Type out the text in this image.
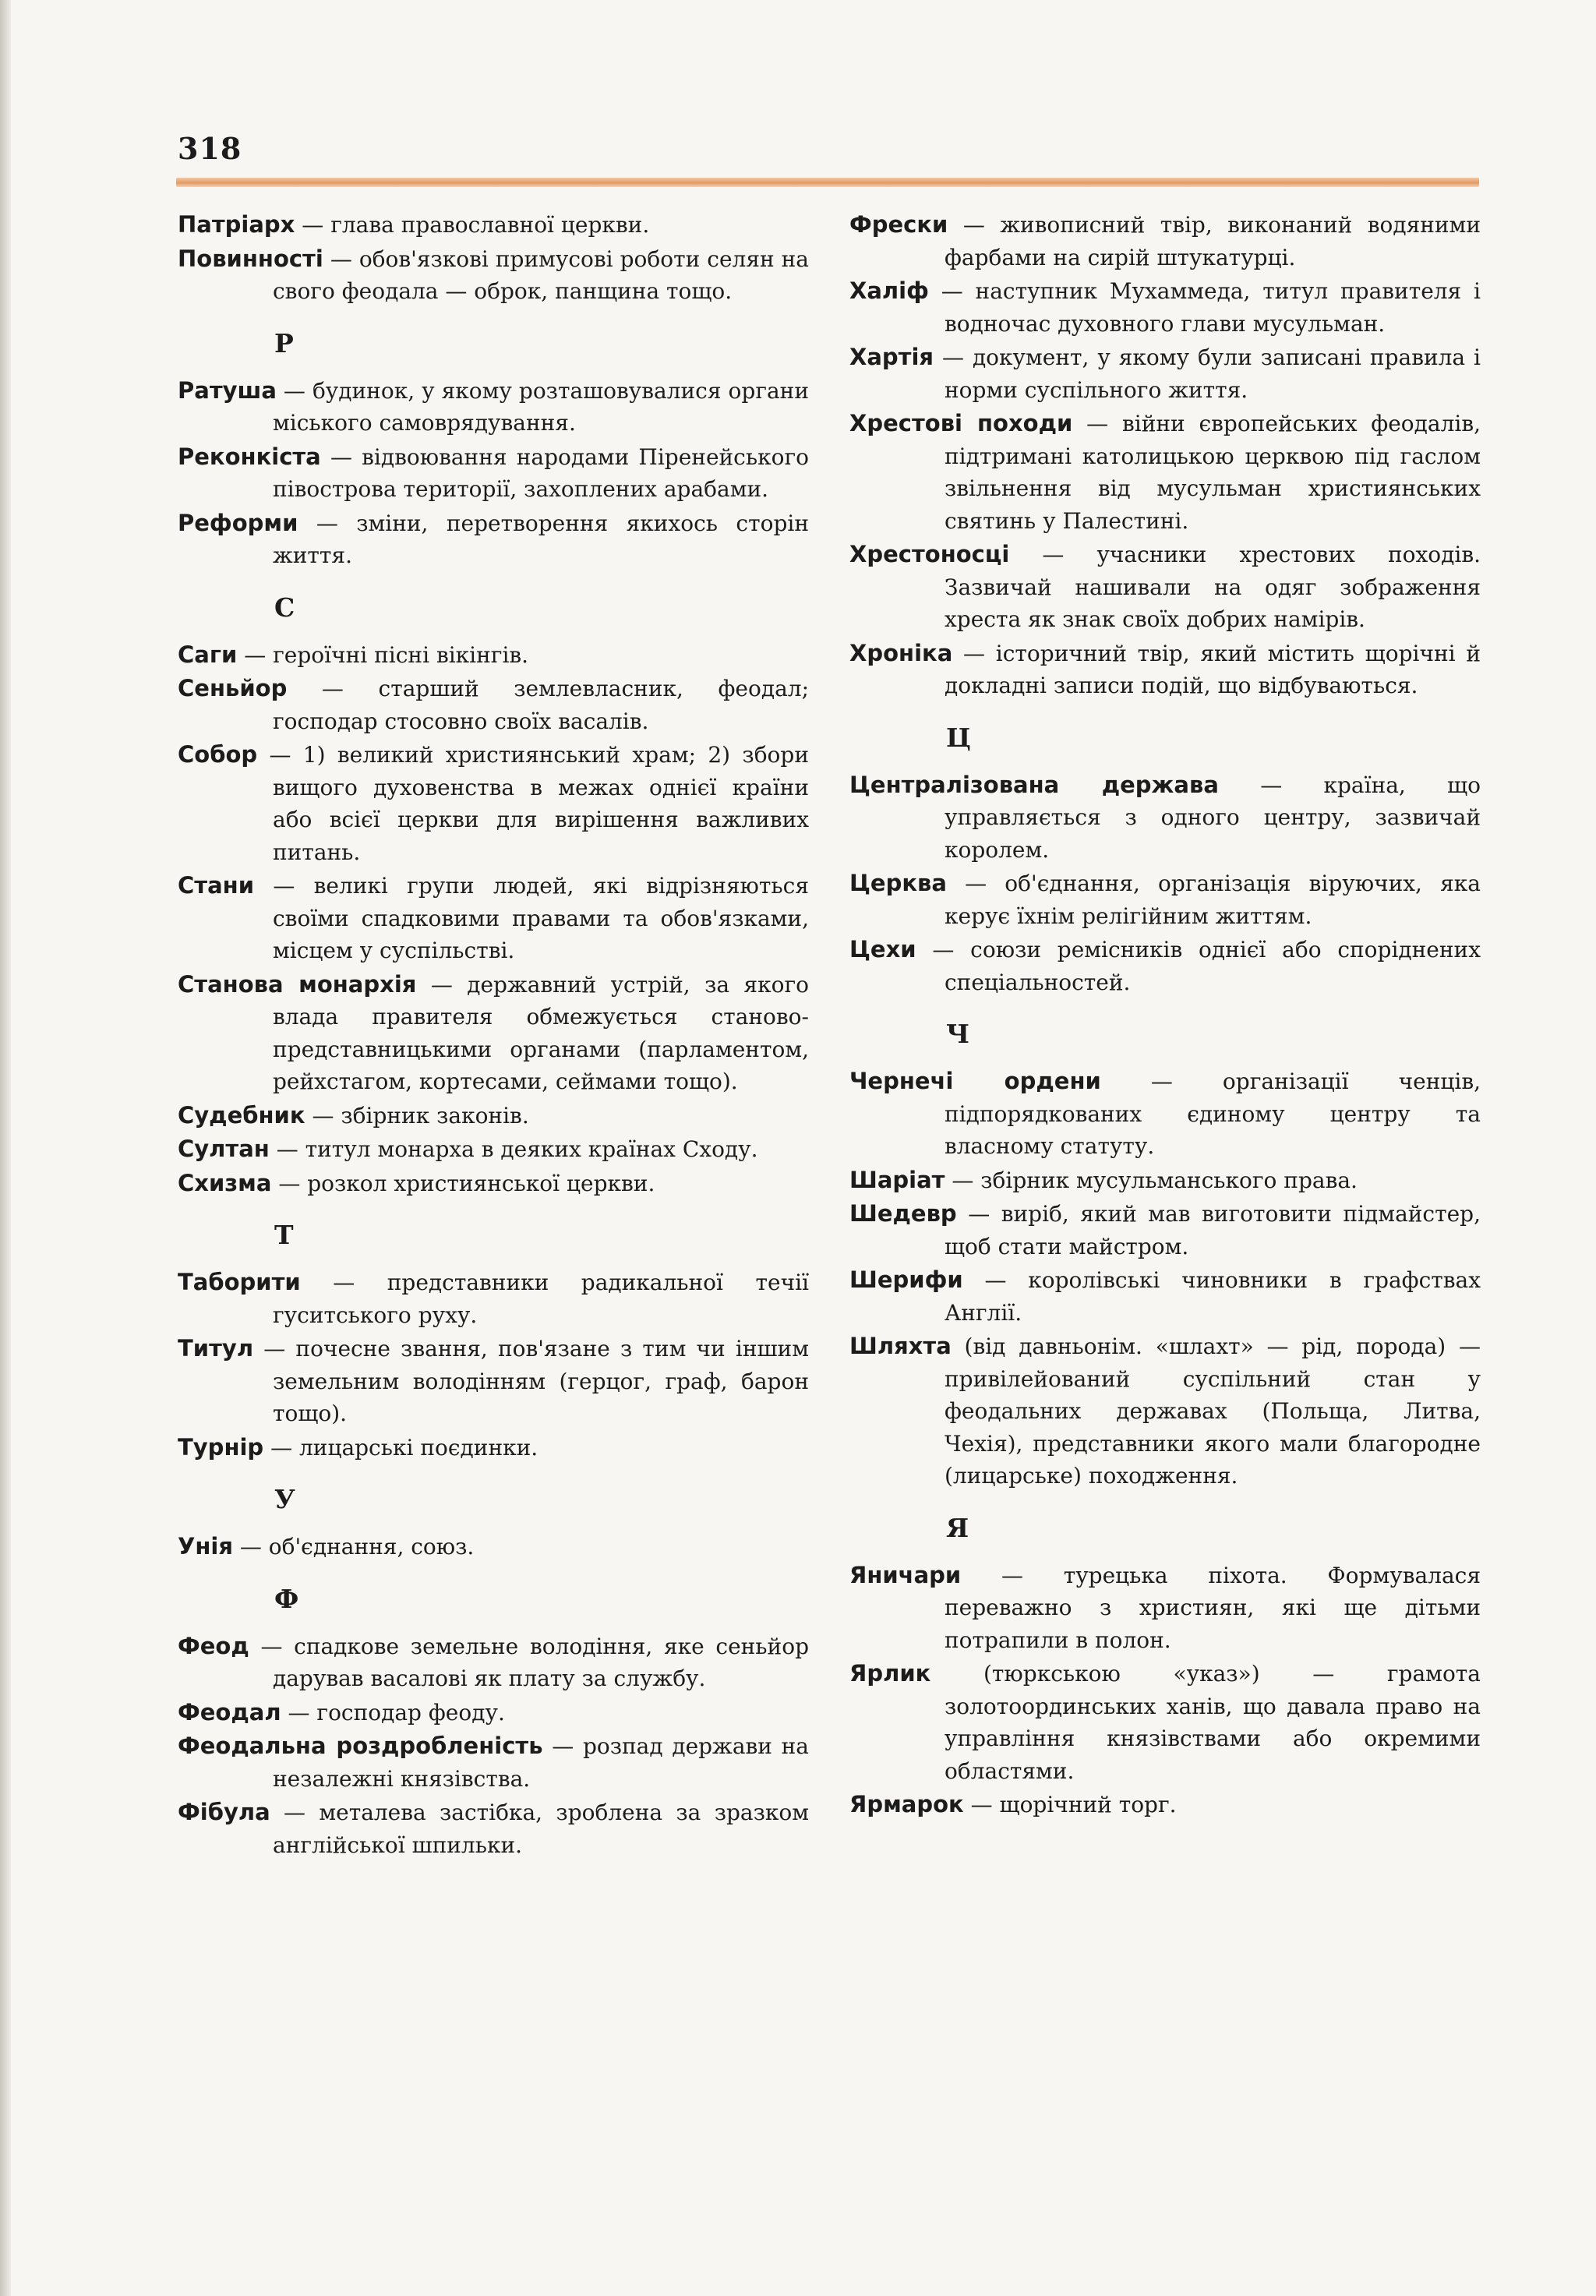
318

Патріарх — глава православної церкви.

Повинності — обов'язкові примусові роботи селян на свого феодала — оброк, панщина тощо.

Р

Ратуша — будинок, у якому розташовувалися органи міського самоврядування.

Реконкіста — відвоювання народами Піренейського півострова території, захоплених арабами.

Реформи — зміни, перетворення якихось сторін життя.

С

Саги — героїчні пісні вікінгів.

Сеньйор — старший землевласник, феодал; господар стосовно своїх васалів.

Собор — 1) великий християнський храм; 2) збори вищого духовенства в межах однієї країни або всієї церкви для вирішення важливих питань.

Стани — великі групи людей, які відрізняються своїми спадковими правами та обов'язками, місцем у суспільстві.

Станова монархія — державний устрій, за якого влада правителя обмежується станово-представницькими органами (парламентом, рейхстагом, кортесами, сеймами тощо).

Судебник — збірник законів.

Султан — титул монарха в деяких країнах Сходу.

Схизма — розкол християнської церкви.

Т

Таборити — представники радикальної течії гуситського руху.

Титул — почесне звання, пов'язане з тим чи іншим земельним володінням (герцог, граф, барон тощо).

Турнір — лицарські поєдинки.

У

Унія — об'єднання, союз.

Ф

Феод — спадкове земельне володіння, яке сеньйор дарував васалові як плату за службу.

Феодал — господар феоду.

Феодальна роздробленість — розпад держави на незалежні князівства.

Фібула — металева застібка, зроблена за зразком англійської шпильки.

Фрески — живописний твір, виконаний водяними фарбами на сирій штукатурці.

Халіф — наступник Мухаммеда, титул правителя і водночас духовного глави мусульман.

Хартія — документ, у якому були записані правила і норми суспільного життя.

Хрестові походи — війни європейських феодалів, підтримані католицькою церквою під гаслом звільнення від мусульман християнських святинь у Палестині.

Хрестоносці — учасники хрестових походів. Зазвичай нашивали на одяг зображення хреста як знак своїх добрих намірів.

Хроніка — історичний твір, який містить щорічні й докладні записи подій, що відбуваються.

Ц

Централізована держава — країна, що управляється з одного центру, зазвичай королем.

Церква — об'єднання, організація віруючих, яка керує їхнім релігійним життям.

Цехи — союзи ремісників однієї або споріднених спеціальностей.

Ч

Чернечі ордени — організації ченців, підпорядкованих єдиному центру та власному статуту.

Шаріат — збірник мусульманського права.

Шедевр — виріб, який мав виготовити підмайстер, щоб стати майстром.

Шерифи — королівські чиновники в графствах Англії.

Шляхта (від давньонім. «шлахт» — рід, порода) — привілейований суспільний стан у феодальних державах (Польща, Литва, Чехія), представники якого мали благородне (лицарське) походження.

Я

Яничари — турецька піхота. Формувалася переважно з християн, які ще дітьми потрапили в полон.

Ярлик (тюркською «указ») — грамота золотоординських ханів, що давала право на управління князівствами або окремими областями.

Ярмарок — щорічний торг.
